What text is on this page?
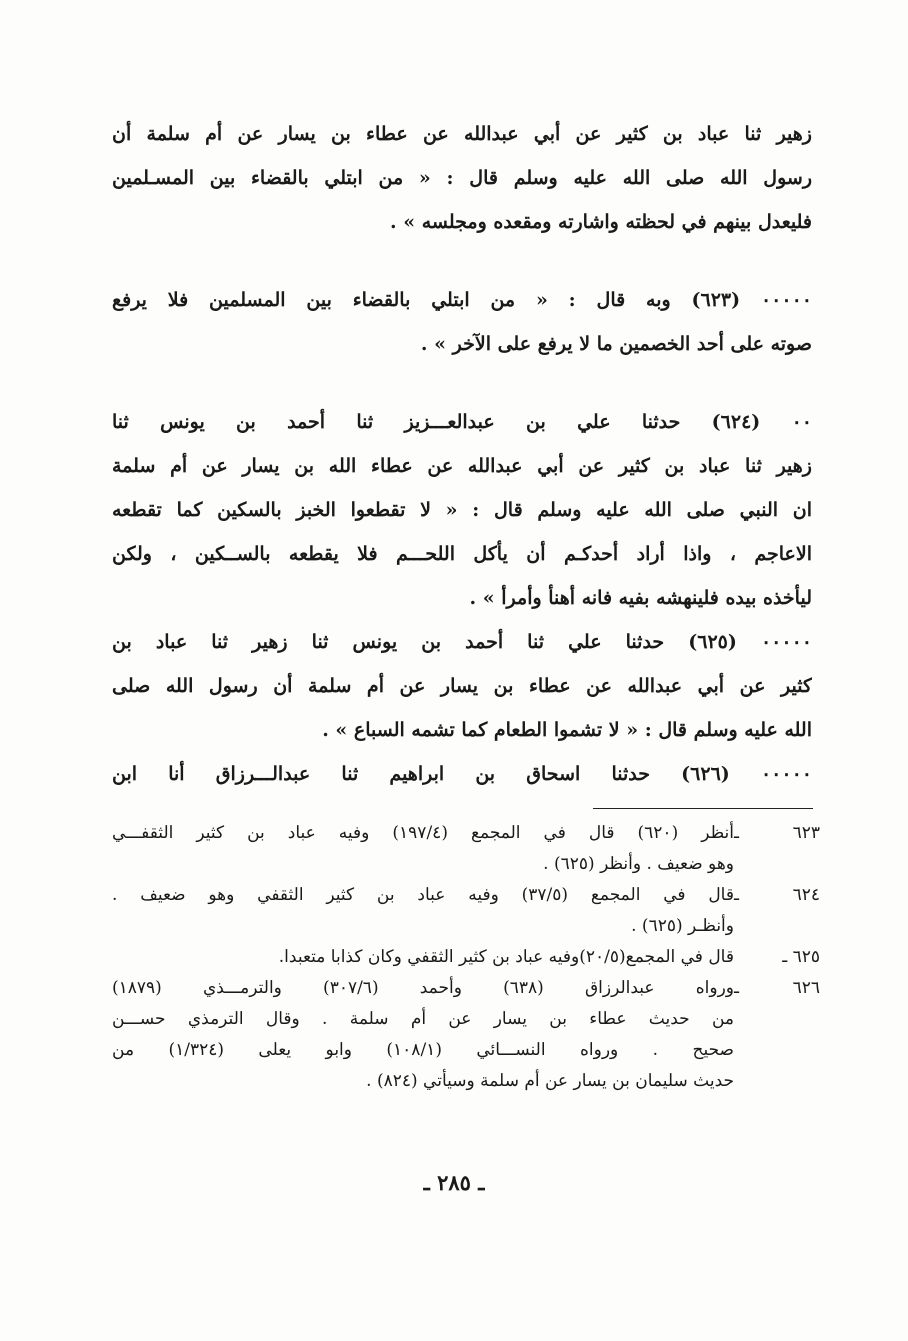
زهير ثنا عباد بن كثير عن أبي عبدالله عن عطاء بن يسار عن أم سلمة أن
رسول الله صلى الله عليه وسلم قال : « من ابتلي بالقضاء بين المسـلمين
فليعدل بينهم في لحظته واشارته ومقعده ومجلسه » .
٠٠٠٠٠ (٦٢٣) وبه قال : « من ابتلي بالقضاء بين المسلمين فلا يرفع
صوته على أحد الخصمين ما لا يرفع على الآخر » .
٠٠ (٦٢٤) حدثنا علي بن عبدالعـــزيز ثنا أحمد بن يونس ثنا
زهير ثنا عباد بن كثير عن أبي عبدالله عن عطاء الله بن يسار عن أم سلمة
ان النبي صلى الله عليه وسلم قال : « لا تقطعوا الخبز بالسكين كما تقطعه
الاعاجم ، واذا أراد أحدكـم أن يأكل اللحـــم فلا يقطعه بالســكين ، ولكن
ليأخذه بيده فلينهشه بفيه فانه أهنأ وأمرأ » .
٠٠٠٠٠ (٦٢٥) حدثنا علي ثنا أحمد بن يونس ثنا زهير ثنا عباد بن
كثير عن أبي عبدالله عن عطاء بن يسار عن أم سلمة أن رسول الله صلى
الله عليه وسلم قال : « لا تشموا الطعام كما تشمه السباع » .
٠٠٠٠٠ (٦٢٦) حدثنا اسحاق بن ابراهيم ثنا عبدالـــرزاق أنا ابن
٦٢٣ ـأنظر (٦٢٠) قال في المجمع (١٩٧/٤) وفيه عباد بن كثير الثقفـــي
وهو ضعيف . وأنظر (٦٢٥) .
٦٢٤ ـقال في المجمع (٣٧/٥) وفيه عباد بن كثير الثقفي وهو ضعيف .
وأنظـر (٦٢٥) .
٦٢٥ ـقال في المجمع(٢٠/٥)وفيه عباد بن كثير الثقفي وكان كذابا متعبدا.
٦٢٦ ـورواه عبدالرزاق (٦٣٨) وأحمد (٣٠٧/٦) والترمـــذي (١٨٧٩)
من حديث عطاء بن يسار عن أم سلمة . وقال الترمذي حســـن
صحيح . ورواه النســـائي (١٠٨/١) وابو يعلى (١/٣٢٤) من
حديث سليمان بن يسار عن أم سلمة وسيأتي (٨٢٤) .
ـ ٢٨٥ ـ
